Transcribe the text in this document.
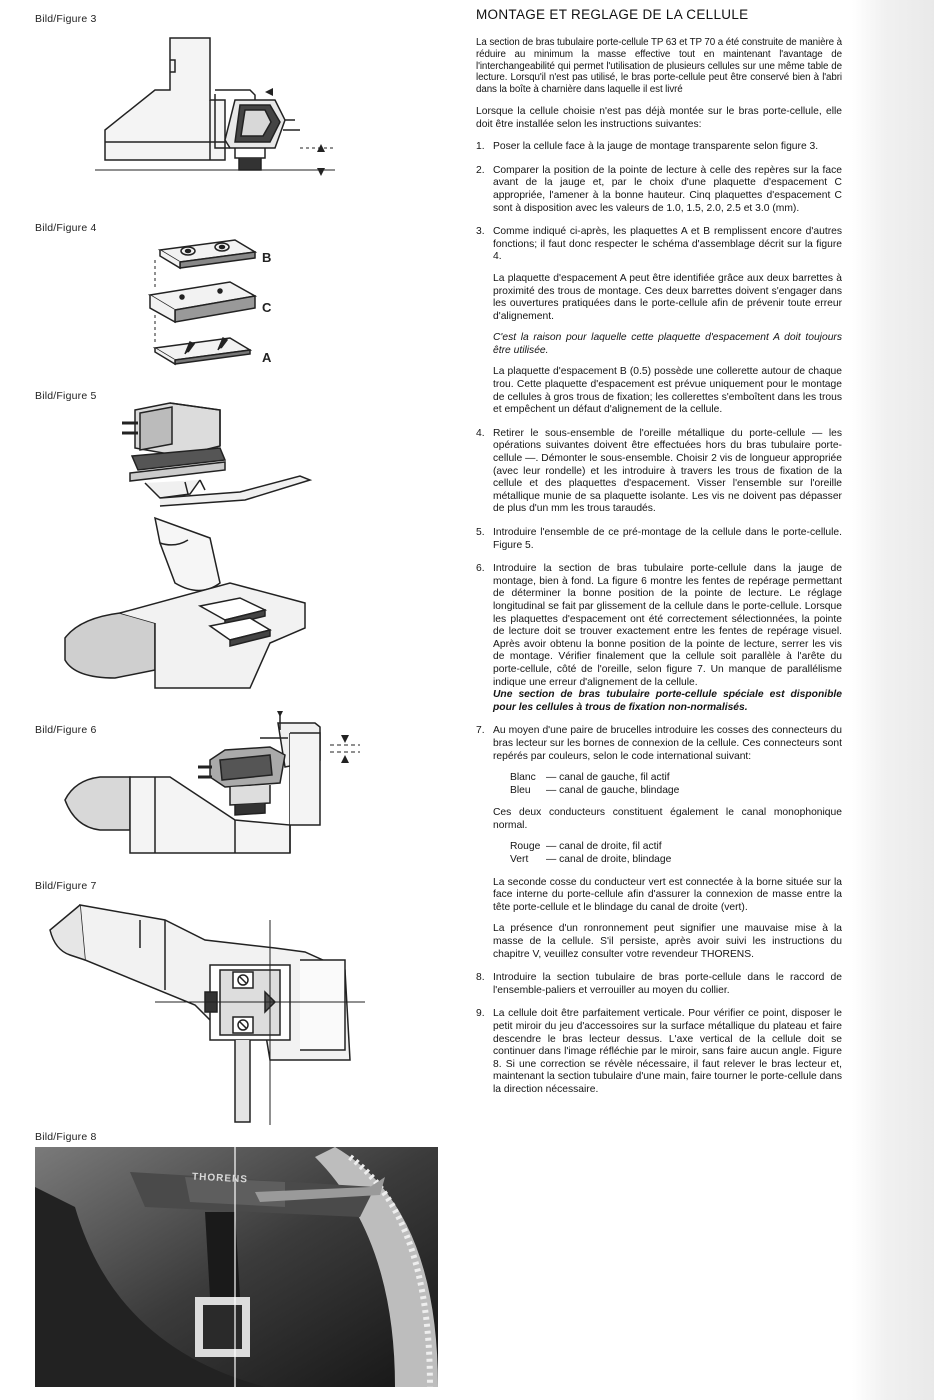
Bild/Figure 3
Bild/Figure 4
B
C
A
Bild/Figure 5
Bild/Figure 6
Bild/Figure 7
Bild/Figure 8
THORENS
MONTAGE ET REGLAGE DE LA CELLULE

La section de bras tubulaire porte-cellule TP 63 et TP 70 a été construite de manière à réduire au minimum la masse effective tout en maintenant l'avantage de l'interchangeabilité qui permet l'utilisation de plusieurs cellules sur une même table de lecture. Lorsqu'il n'est pas utilisé, le bras porte-cellule peut être conservé bien à l'abri dans la boîte à charnière dans laquelle il est livré

Lorsque la cellule choisie n'est pas déjà montée sur le bras porte-cellule, elle doit être installée selon les instructions suivantes:

1. Poser la cellule face à la jauge de montage transparente selon figure 3.

2. Comparer la position de la pointe de lecture à celle des repères sur la face avant de la jauge et, par le choix d'une plaquette d'espacement C appropriée, l'amener à la bonne hauteur. Cinq plaquettes d'espacement C sont à disposition avec les valeurs de 1.0, 1.5, 2.0, 2.5 et 3.0 (mm).

3. Comme indiqué ci-après, les plaquettes A et B remplissent encore d'autres fonctions; il faut donc respecter le schéma d'assemblage décrit sur la figure 4.

La plaquette d'espacement A peut être identifiée grâce aux deux barrettes à proximité des trous de montage. Ces deux barrettes doivent s'engager dans les ouvertures pratiquées dans le porte-cellule afin de prévenir toute erreur d'alignement.

C'est la raison pour laquelle cette plaquette d'espacement A doit toujours être utilisée.

La plaquette d'espacement B (0.5) possède une collerette autour de chaque trou. Cette plaquette d'espacement est prévue uniquement pour le montage de cellules à gros trous de fixation; les collerettes s'emboîtent dans les trous et empêchent un défaut d'alignement de la cellule.

4. Retirer le sous-ensemble de l'oreille métallique du porte-cellule — les opérations suivantes doivent être effectuées hors du bras tubulaire porte-cellule —. Démonter le sous-ensemble. Choisir 2 vis de longueur appropriée (avec leur rondelle) et les introduire à travers les trous de fixation de la cellule et des plaquettes d'espacement. Visser l'ensemble sur l'oreille métallique munie de sa plaquette isolante. Les vis ne doivent pas dépasser de plus d'un mm les trous taraudés.

5. Introduire l'ensemble de ce pré-montage de la cellule dans le porte-cellule. Figure 5.

6. Introduire la section de bras tubulaire porte-cellule dans la jauge de montage, bien à fond. La figure 6 montre les fentes de repérage permettant de déterminer la bonne position de la pointe de lecture. Le réglage longitudinal se fait par glissement de la cellule dans le porte-cellule. Lorsque les plaquettes d'espacement ont été correctement sélectionnées, la pointe de lecture doit se trouver exactement entre les fentes de repérage visuel. Après avoir obtenu la bonne position de la pointe de lecture, serrer les vis de montage. Vérifier finalement que la cellule soit parallèle à l'arête du porte-cellule, côté de l'oreille, selon figure 7. Un manque de parallélisme indique une erreur d'alignement de la cellule.

Une section de bras tubulaire porte-cellule spéciale est disponible pour les cellules à trous de fixation non-normalisés.

7. Au moyen d'une paire de brucelles introduire les cosses des connecteurs du bras lecteur sur les bornes de connexion de la cellule. Ces connecteurs sont repérés par couleurs, selon le code international suivant:

Blanc — canal de gauche, fil actif
Bleu	— canal de gauche, blindage

Ces deux conducteurs constituent également le canal monophonique normal.

Rouge — canal de droite, fil actif
Vert	— canal de droite, blindage

La seconde cosse du conducteur vert est connectée à la borne située sur la face interne du porte-cellule afin d'assurer la connexion de masse entre la tête porte-cellule et le blindage du canal de droite (vert).

La présence d'un ronronnement peut signifier une mauvaise mise à la masse de la cellule. S'il persiste, après avoir suivi les instructions du chapitre V, veuillez consulter votre revendeur THORENS.

8. Introduire la section tubulaire de bras porte-cellule dans le raccord de l'ensemble-paliers et verrouiller au moyen du collier.

9. La cellule doit être parfaitement verticale. Pour vérifier ce point, disposer le petit miroir du jeu d'accessoires sur la surface métallique du plateau et faire descendre le bras lecteur dessus. L'axe vertical de la cellule doit se continuer dans l'image réfléchie par le miroir, sans faire aucun angle. Figure 8. Si une correction se révèle nécessaire, il faut relever le bras lecteur et, maintenant la section tubulaire d'une main, faire tourner le porte-cellule dans la direction nécessaire.
